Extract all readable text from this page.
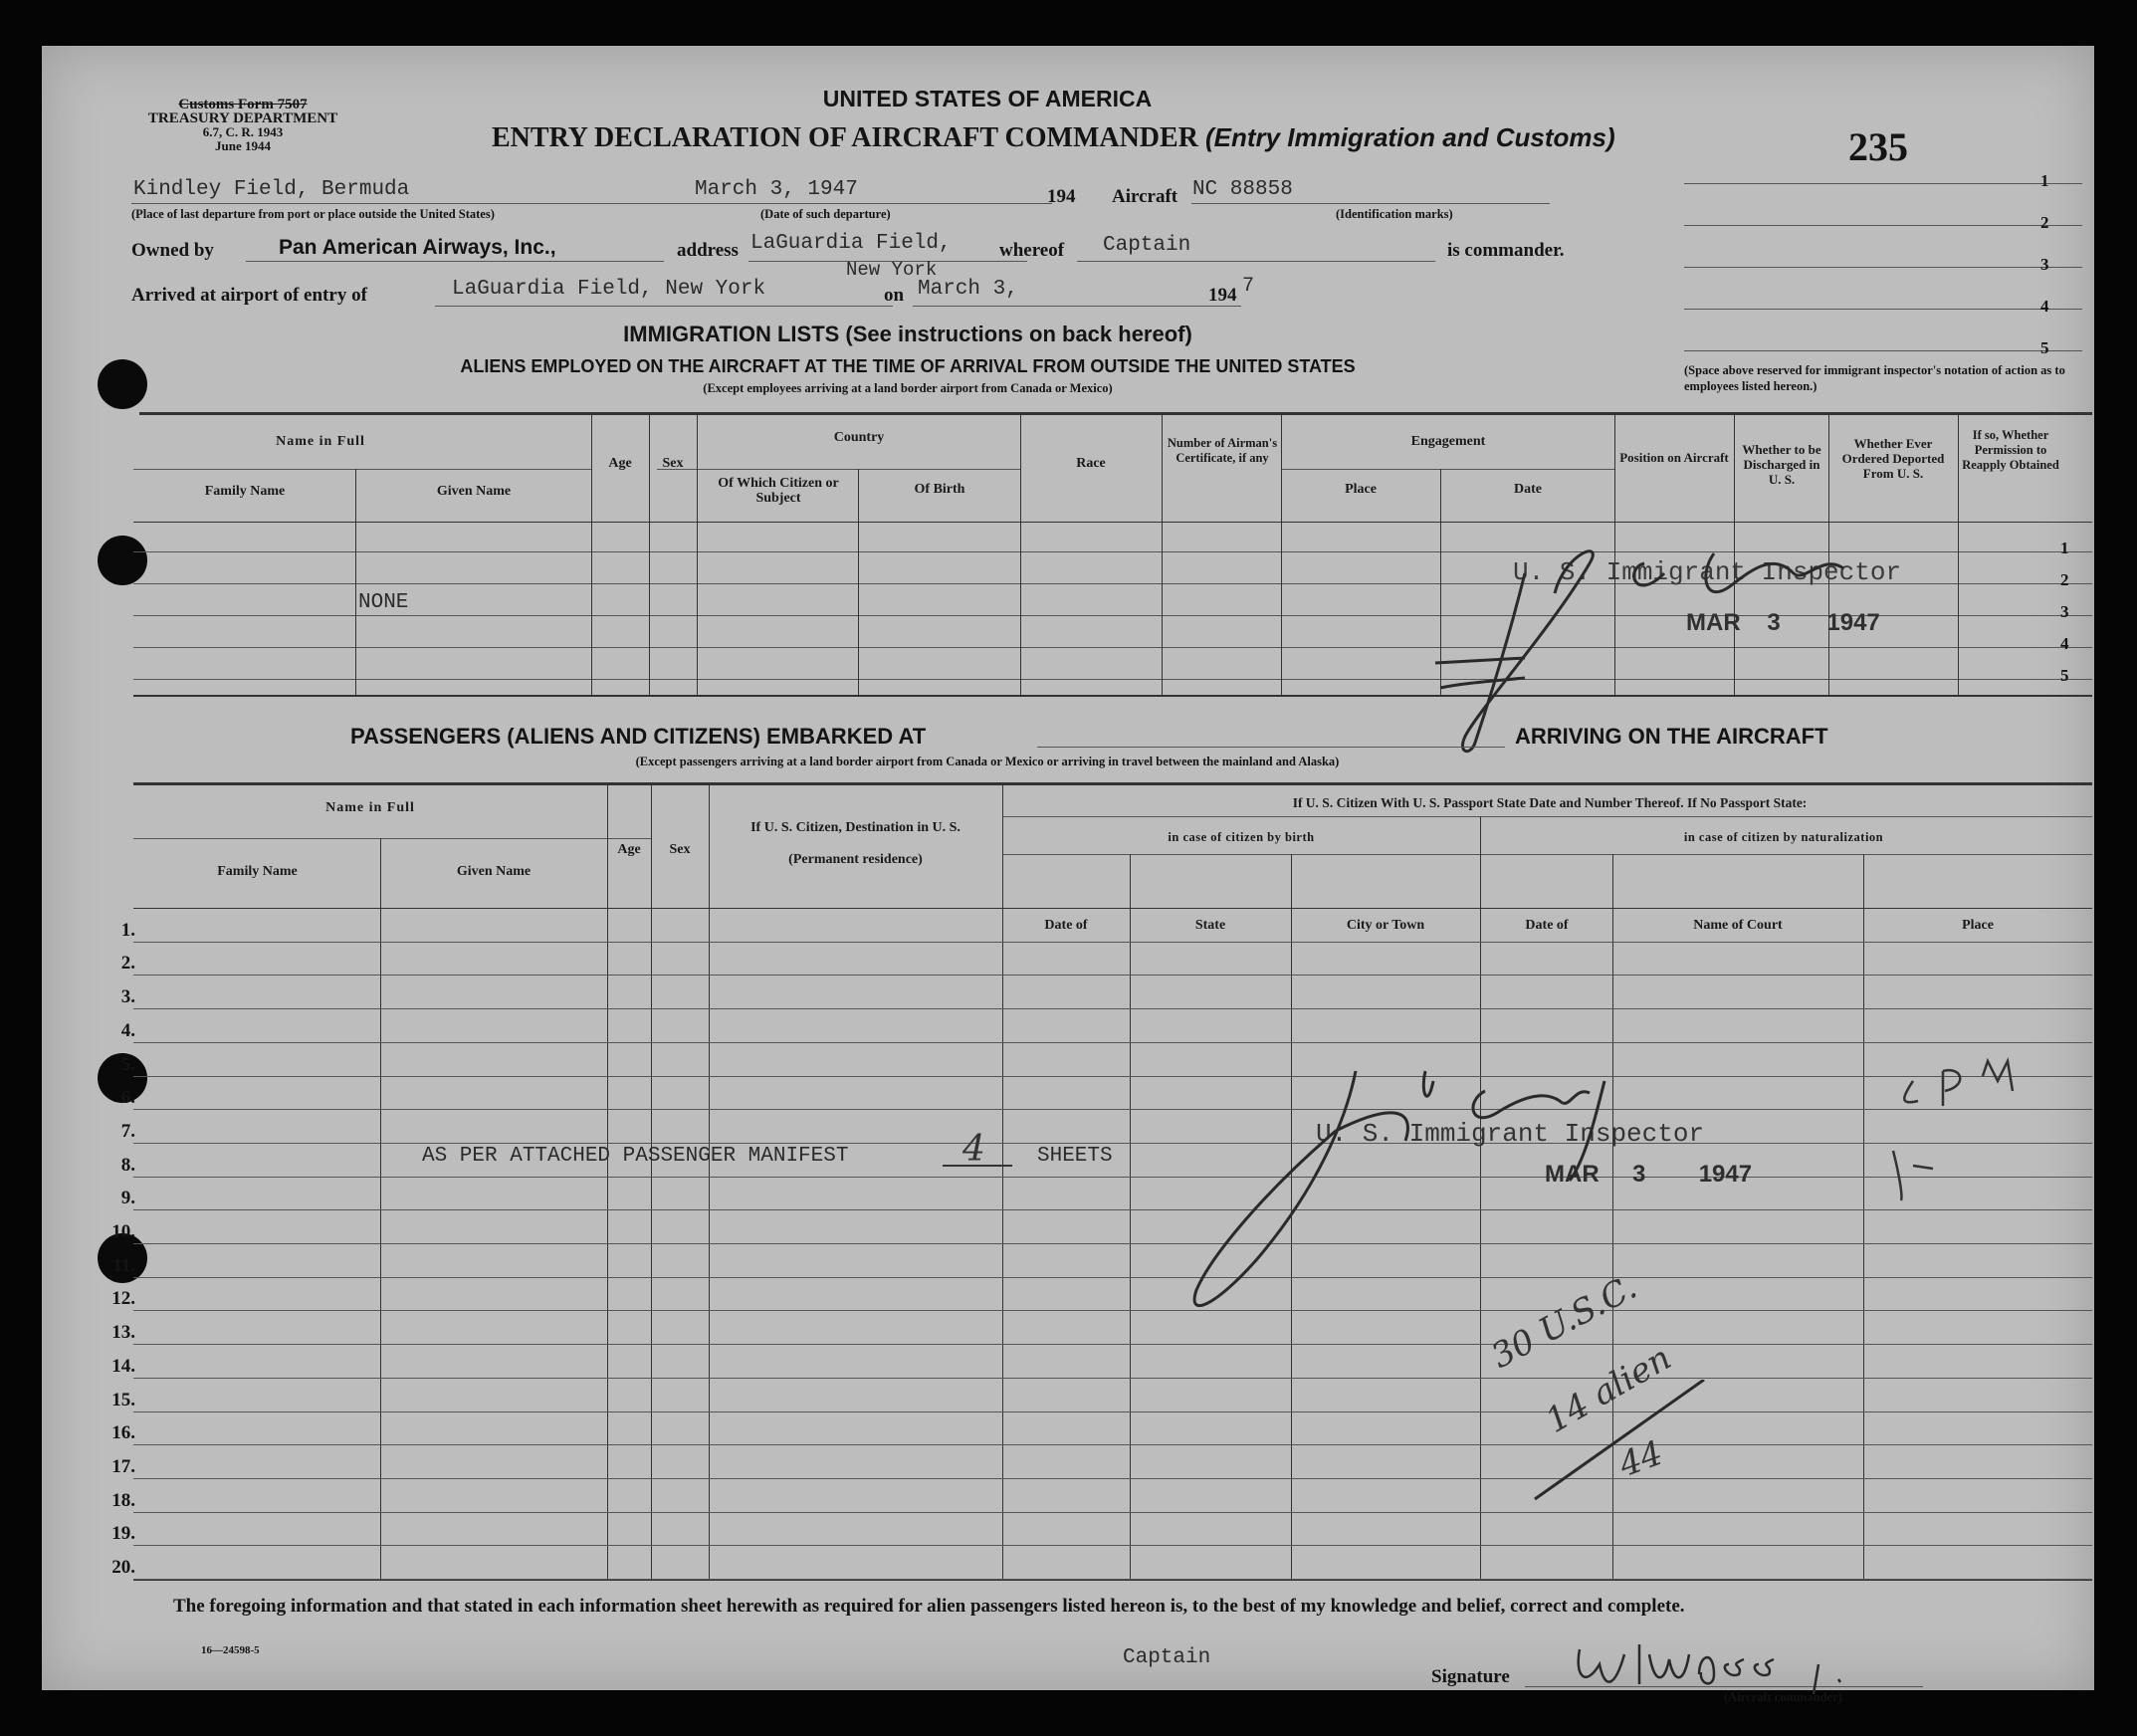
Customs Form 7507
TREASURY DEPARTMENT
6.7, C. R. 1943
June 1944
UNITED STATES OF AMERICA
ENTRY DECLARATION OF AIRCRAFT COMMANDER (Entry Immigration and Customs)	235
Kindley Field, Bermuda
(Place of last departure from port or place outside the United States)
March 3, 1947
(Date of such departure)
194 Aircraft NC 88858
(Identification marks)
Owned by	Pan American Airways, Inc.,	address LaGuardia Field,	whereof Captain	is commander.
New York
Arrived at airport of entry of	LaGuardia Field, New York	on March 3,	194 7
1
2
3
4
5
(Space above reserved for immigrant inspector's notation of action as to employees listed hereon.)
IMMIGRATION LISTS (See instructions on back hereof)
ALIENS EMPLOYED ON THE AIRCRAFT AT THE TIME OF ARRIVAL FROM OUTSIDE THE UNITED STATES
(Except employees arriving at a land border airport from Canada or Mexico)
Name in Full
Family Name	Given Name
Age	Sex
Country
Of Which Citizen or Subject
Of Birth
Race
Number of Airman's Certificate, if any
Engagement
Place	Date
Position on Aircraft
Whether to be Discharged in U. S.
Whether Ever Ordered Deported From U. S.
If so, Whether Permission to Reapply Obtained
1
2
3
4
5
NONE
U. S. Immigrant Inspector
MAR 3 1947
PASSENGERS (ALIENS AND CITIZENS) EMBARKED AT	ARRIVING ON THE AIRCRAFT
(Except passengers arriving at a land border airport from Canada or Mexico or arriving in travel between the mainland and Alaska)
1.
2.
3.
4.
5.
6.
7.
8.
9.
10.
11.
12.
13.
14.
15.
16.
17.
18.
19.
20.
Name in Full
Family Name	Given Name
Age	Sex
If U. S. Citizen, Destination in U. S.
(Permanent residence)
If U. S. Citizen With U. S. Passport State Date and Number Thereof. If No Passport State:
in case of citizen by birth	in case of citizen by naturalization
Date of	State	City or Town	Date of	Name of Court	Place
AS PER ATTACHED PASSENGER MANIFEST	4 SHEETS
U. S. Immigrant Inspector
MAR 3 1947
30 U.S.C.
14 alien
44
The foregoing information and that stated in each information sheet herewith as required for alien passengers listed hereon is, to the best of my knowledge and belief, correct and complete.
16—24598-5
Signature
(Aircraft commander)
Captain
